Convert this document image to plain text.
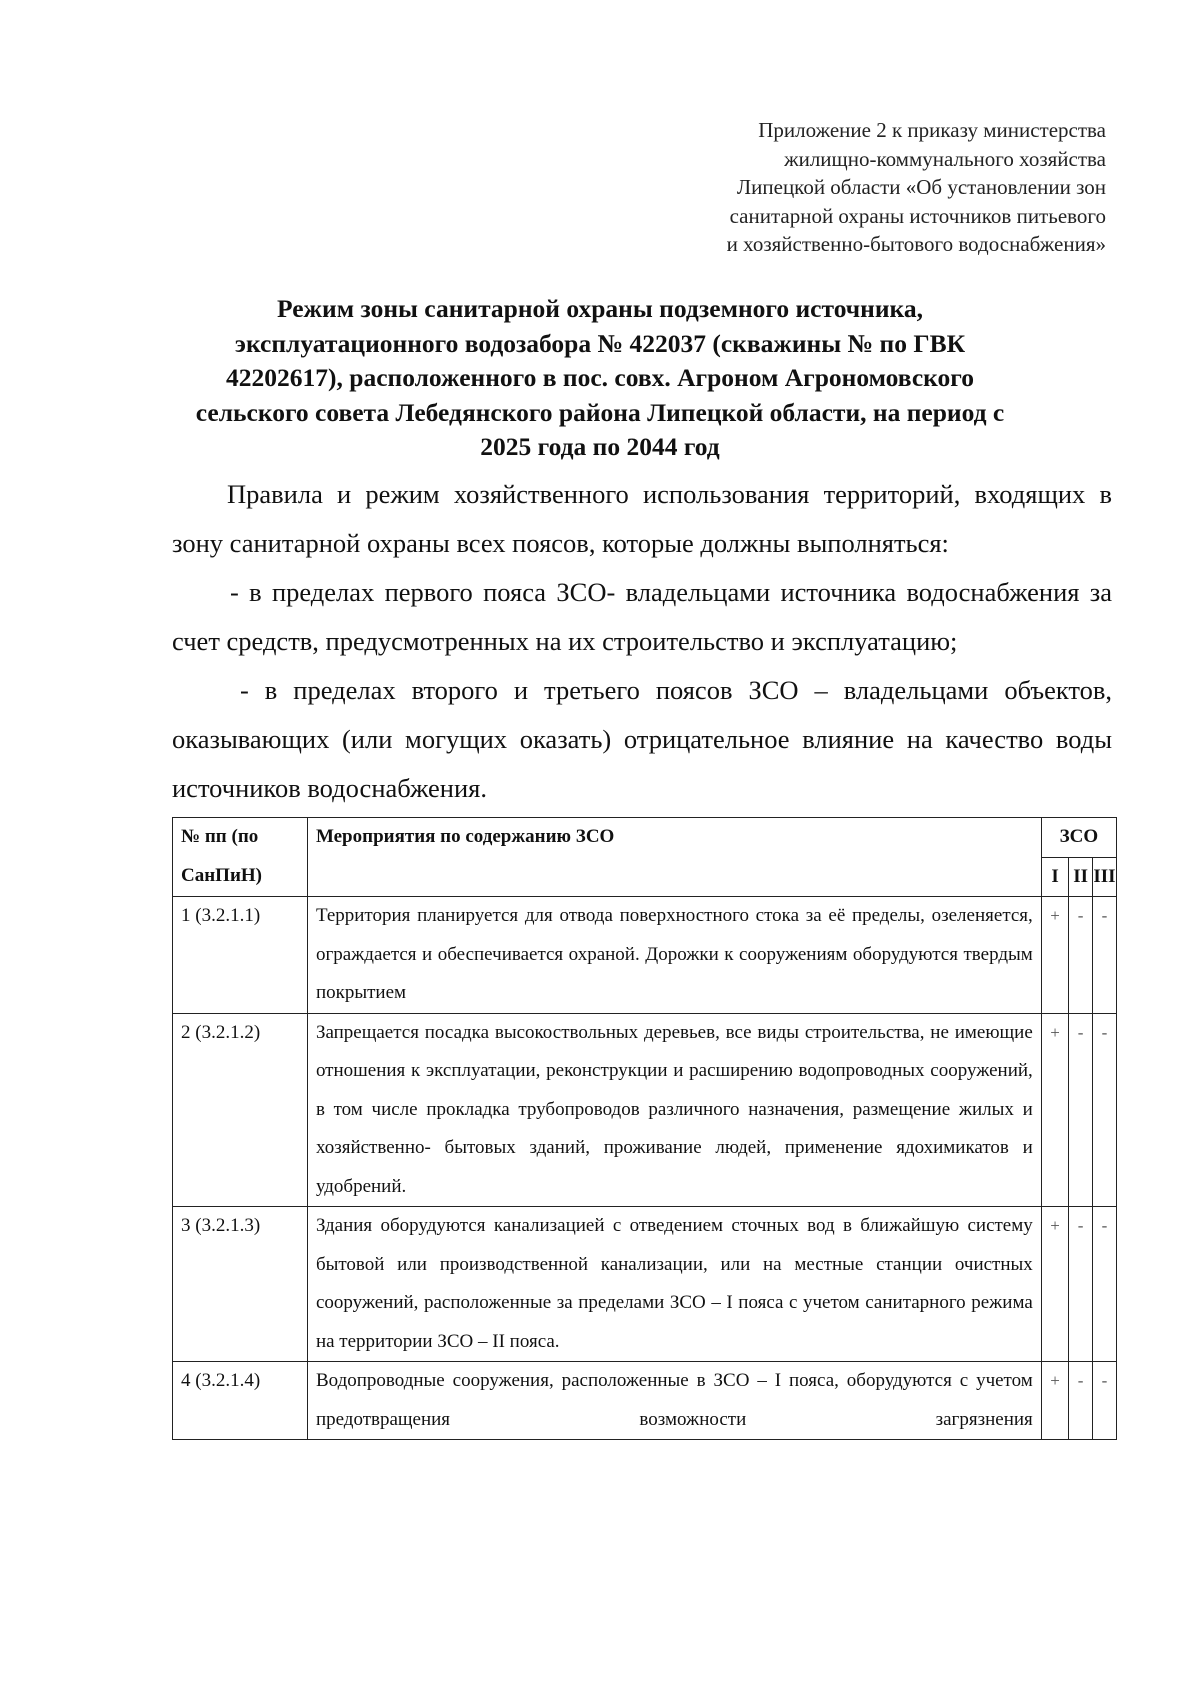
Приложение 2 к приказу министерства
жилищно-коммунального хозяйства
Липецкой области «Об установлении зон
санитарной охраны источников питьевого
и хозяйственно-бытового водоснабжения»
Режим зоны санитарной охраны подземного источника,
эксплуатационного водозабора № 422037 (скважины № по ГВК
42202617), расположенного в пос. совх. Агроном Агрономовского
сельского совета Лебедянского района Липецкой области, на период с
2025 года по 2044 год

Правила и режим хозяйственного использования территорий, входящих в зону санитарной охраны всех поясов, которые должны выполняться:

- в пределах первого пояса ЗСО- владельцами источника водоснабжения за счет средств, предусмотренных на их строительство и эксплуатацию;

- в пределах второго и третьего поясов ЗСО – владельцами объектов, оказывающих (или могущих оказать) отрицательное влияние на качество воды источников водоснабжения.

№ пп (по СанПиН)	Мероприятия по содержанию ЗСО	ЗСО		
		I	II	III
1 (3.2.1.1)	Территория планируется для отвода поверхностного стока за её пределы, озеленяется, ограждается и обеспечивается охраной. Дорожки к сооружениям оборудуются твердым покрытием	+	-	-
2 (3.2.1.2)	Запрещается посадка высокоствольных деревьев, все виды строительства, не имеющие отношения к эксплуатации, реконструкции и расширению водопроводных сооружений, в том числе прокладка трубопроводов различного назначения, размещение жилых и хозяйственно- бытовых зданий, проживание людей, применение ядохимикатов и удобрений.	+	-	-
3 (3.2.1.3)	Здания оборудуются канализацией с отведением сточных вод в ближайшую систему бытовой или производственной канализации, или на местные станции очистных сооружений, расположенные за пределами ЗСО – I пояса с учетом санитарного режима на территории ЗСО – II пояса.	+	-	-
4 (3.2.1.4)	Водопроводные сооружения, расположенные в ЗСО – I пояса, оборудуются с учетом предотвращения возможности загрязнения	+	-	-
